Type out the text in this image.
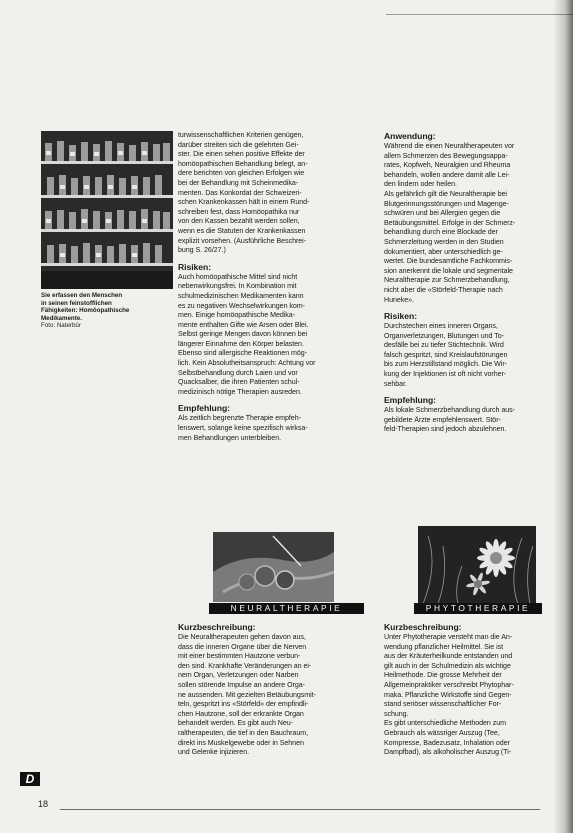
Sie erfassen den Menschen
in seinen feinstofflichen
Fähigkeiten: Homöopathische
Medikamente.
Foto: Naterbür
turwissenschaftlichen Kriterien genügen,
darüber streiten sich die gelehrten Gei-
ster. Die einen sehen positive Effekte der
homöopathischen Behandlung belegt, an-
dere berichten von gleichen Erfolgen wie
bei der Behandlung mit Scheinmedika-
menten. Das Konkordat der Schweizeri-
schen Krankenkassen hält in einem Rund-
schreiben fest, dass Homöopathika nur
von den Kassen bezahlt werden sollen,
wenn es die Statuten der Krankenkassen
explizit vorsehen. (Ausführliche Beschrei-
bung S. 26/27.)
Risiken:
Auch homöopathische Mittel sind nicht
nebenwirkungsfrei. In Kombination mit
schulmedizinischen Medikamenten kann
es zu negativen Wechselwirkungen kom-
men. Einige homöopathische Medika-
mente enthalten Gifte wie Arsen oder Blei.
Selbst geringe Mengen davon können bei
längerer Einnahme den Körper belasten.
Ebenso sind allergische Reaktionen mög-
lich. Kein Absolutheitsanspruch: Achtung vor
Selbstbehandlung durch Laien und vor
Quacksalber, die ihren Patienten schul-
medizinisch nötige Therapien ausreden.
Empfehlung:
Als zeitlich begrenzte Therapie empfeh-
lenswert, solange keine spezifisch wirksa-
men Behandlungen unterbleiben.
Anwendung:
Während die einen Neuraltherapeuten vor
allem Schmerzen des Bewegungsappa-
rates, Kopfweh, Neuralgien und Rheuma
behandeln, wollen andere damit alle Lei-
den lindern oder heilen.
Als gefährlich gilt die Neuraltherapie bei
Blutgerinnungsstörungen und Magenge-
schwüren und bei Allergien gegen die
Betäubungsmittel. Erfolge in der Schmerz-
behandlung durch eine Blockade der
Schmerzleitung werden in den Studien
dokumentiert, aber unterschiedlich ge-
wertet. Die bundesamtliche Fachkommis-
sion anerkennt die lokale und segmentale
Neuraltherapie zur Schmerzbehandlung,
nicht aber die «Störfeld-Therapie nach
Huneke».
Risiken:
Durchstechen eines inneren Organs,
Organverletzungen, Blutungen und To-
desfälle bei zu tiefer Stichtechnik. Wird
falsch gespritzt, sind Kreislaufstörungen
bis zum Herzstillstand möglich. Die Wir-
kung der Injektionen ist oft nicht vorher-
sehbar.
Empfehlung:
Als lokale Schmerzbehandlung durch aus-
gebildete Ärzte empfehlenswert. Stör-
feld-Therapien sind jedoch abzulehnen.
NEURALTHERAPIE	PHYTOTHERAPIE
Kurzbeschreibung:
Die Neuraltherapeuten gehen davon aus,
dass die inneren Organe über die Nerven
mit einer bestimmten Hautzone verbun-
den sind. Krankhafte Veränderungen an ei-
nem Organ, Verletzungen oder Narben
sollen störende Impulse an andere Orga-
ne aussenden. Mit gezielten Betäubungsmit-
teln, gespritzt ins «Störfeld» der empfindli-
chen Hautzone, soll der erkrankte Organ
behandelt werden. Es gibt auch Neu-
raltherapeuten, die tief in den Bauchraum,
direkt ins Muskelgewebe oder in Sehnen
und Gelenke injizieren.
Kurzbeschreibung:
Unter Phytotherapie versteht man die An-
wendung pflanzlicher Heilmittel. Sie ist
aus der Kräuterheilkunde entstanden und
gilt auch in der Schulmedizin als wichtige
Heilmethode. Die grosse Mehrheit der
Allgemeinpraktiker verschreibt Phytophar-
maka. Pflanzliche Wirkstoffe sind Gegen-
stand seriöser wissenschaftlicher For-
schung.
Es gibt unterschiedliche Methoden zum
Gebrauch als wässriger Auszug (Tee,
Kompresse, Badezusatz, Inhalation oder
Dampfbad), als alkoholischer Auszug (Ti-
D
18
